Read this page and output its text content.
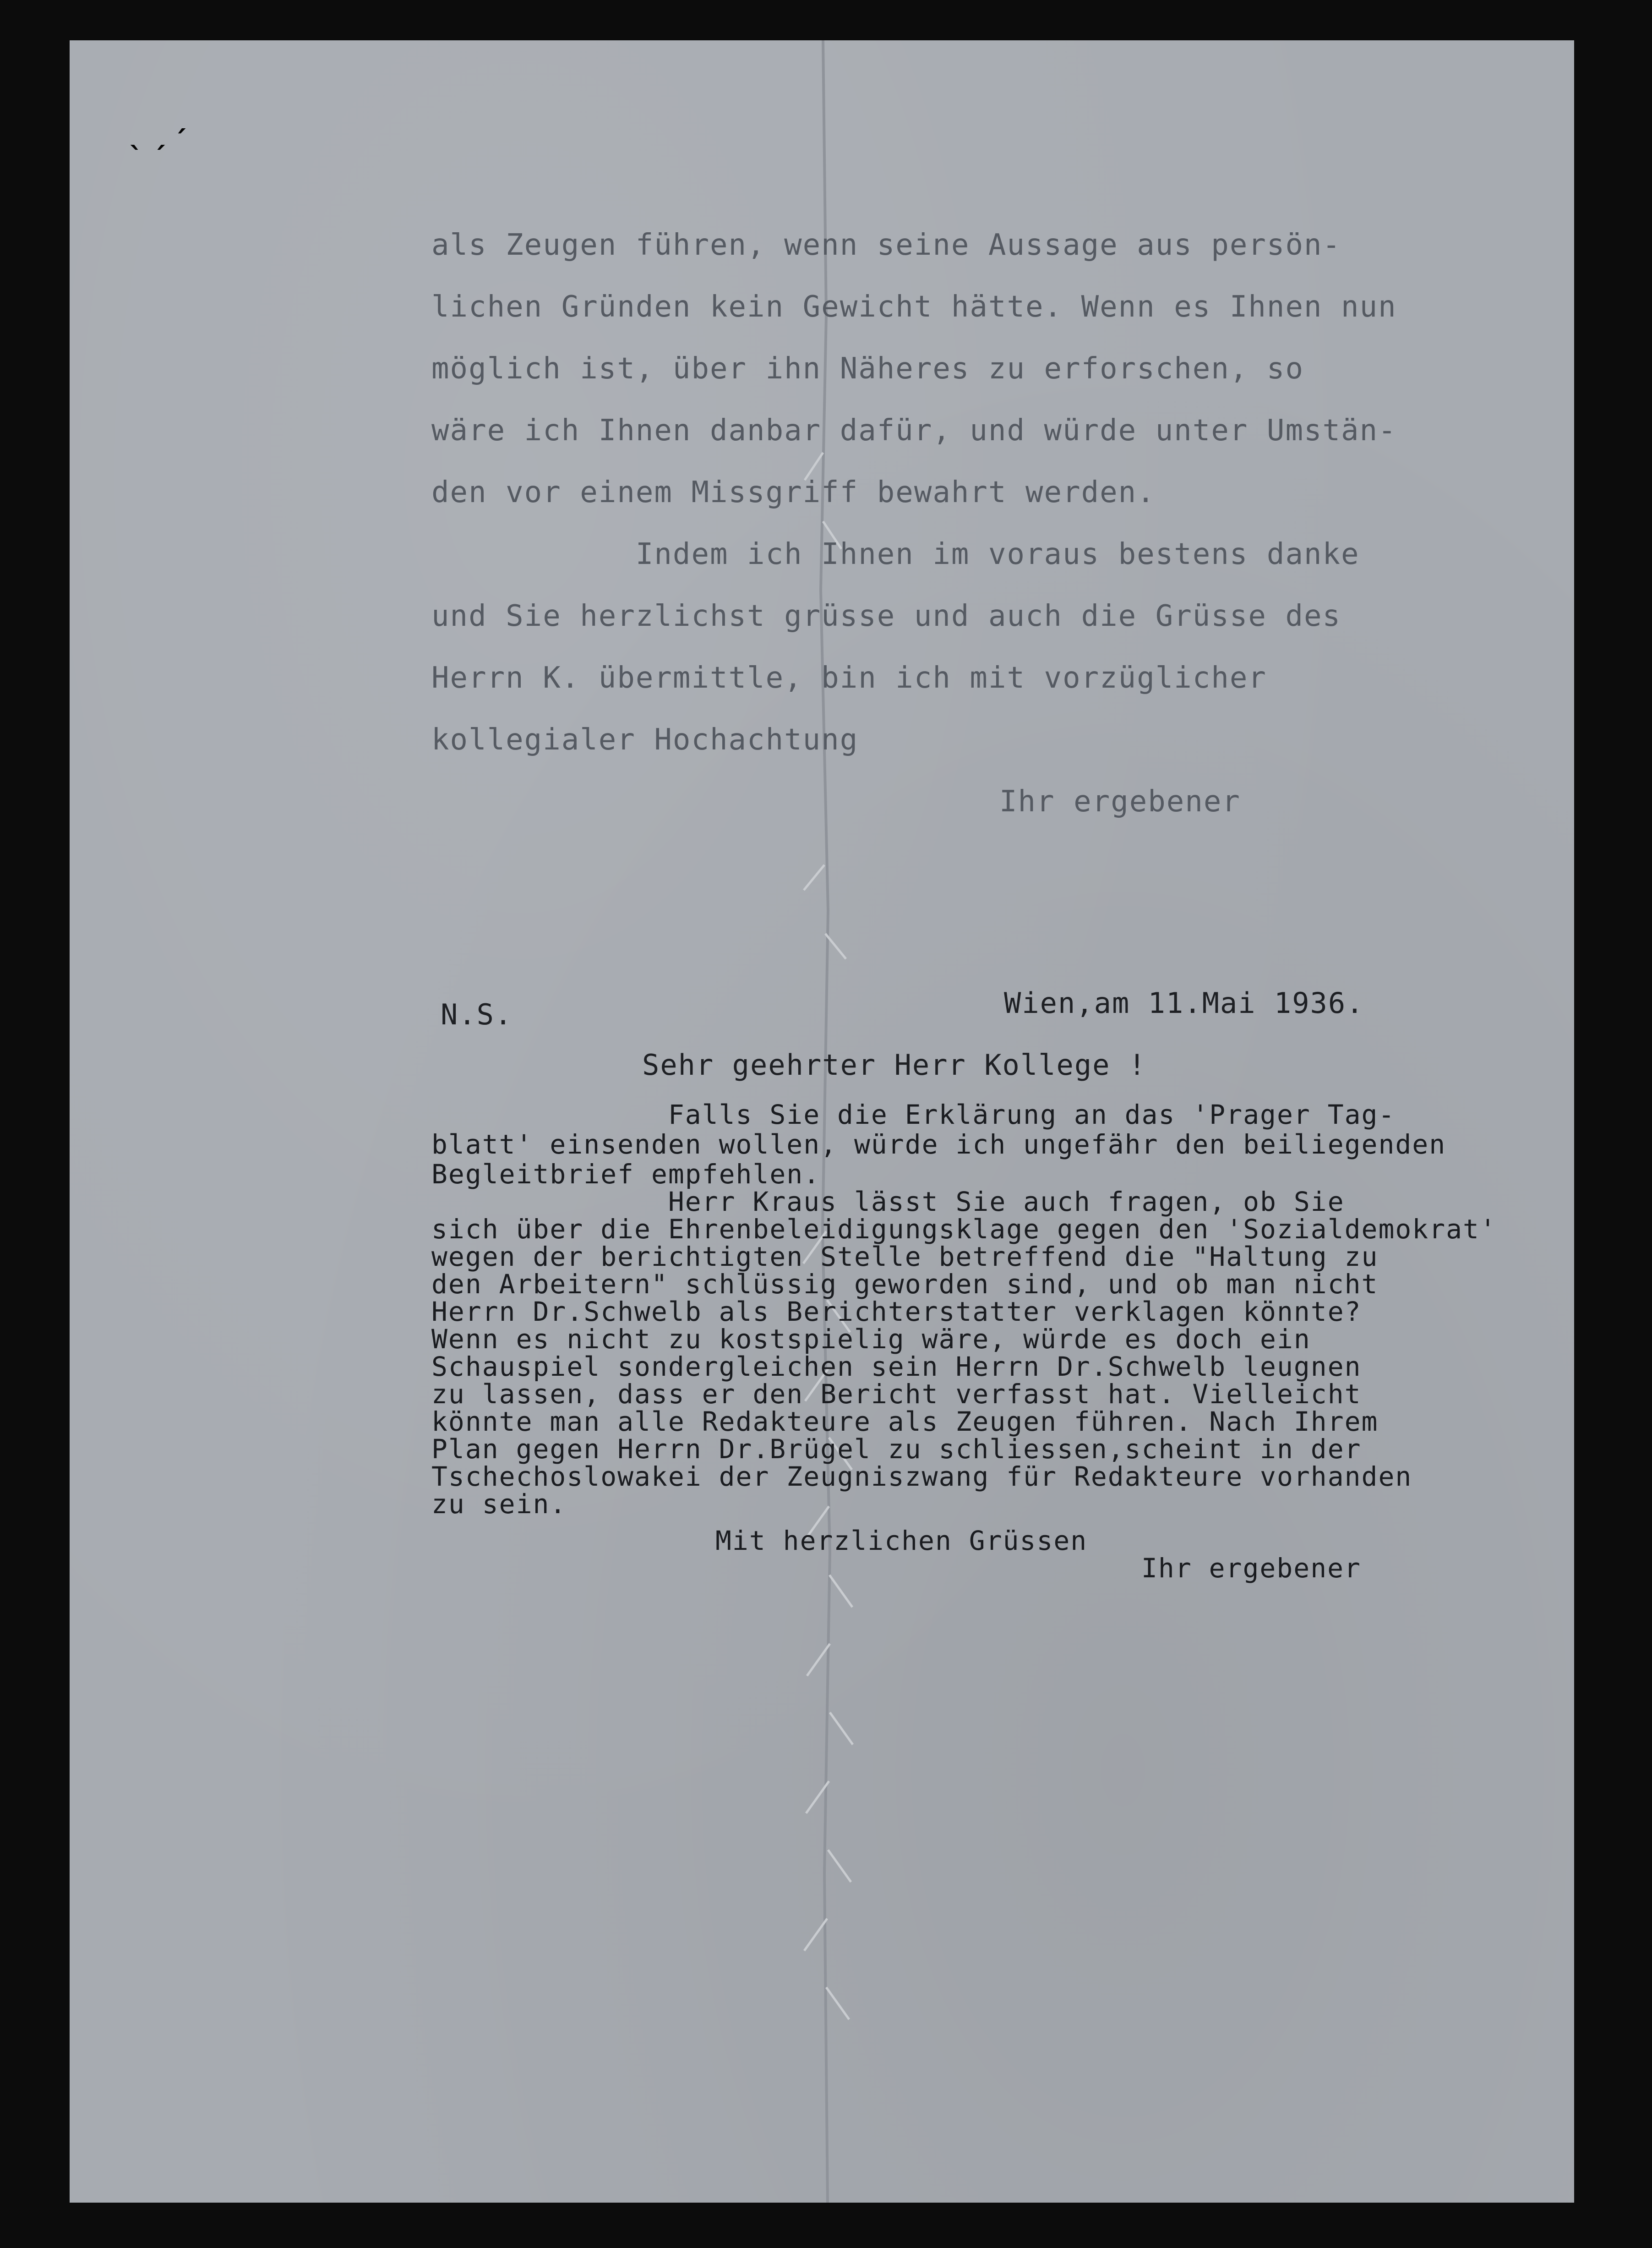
ˎ ˏ ׳

als Zeugen führen, wenn seine Aussage aus persön-

lichen Gründen kein Gewicht hätte. Wenn es Ihnen nun

möglich ist, über ihn Näheres zu erforschen, so

wäre ich Ihnen danbar dafür, und würde unter Umstän-

den vor einem Missgriff bewahrt werden.

Indem ich Ihnen im voraus bestens danke

und Sie herzlichst grüsse und auch die Grüsse des

Herrn K. übermittle, bin ich mit vorzüglicher

kollegialer Hochachtung

Ihr ergebener

N.S.	Wien,am 11.Mai 1936.

Sehr geehrter Herr Kollege !

Falls Sie die Erklärung an das 'Prager Tag-

blatt' einsenden wollen, würde ich ungefähr den beiliegenden

Begleitbrief empfehlen.

Herr Kraus lässt Sie auch fragen, ob Sie

sich über die Ehrenbeleidigungsklage gegen den 'Sozialdemokrat'

wegen der berichtigten Stelle betreffend die "Haltung zu

den Arbeitern" schlüssig geworden sind, und ob man nicht

Herrn Dr.Schwelb als Berichterstatter verklagen könnte?

Wenn es nicht zu kostspielig wäre, würde es doch ein

Schauspiel sondergleichen sein Herrn Dr.Schwelb leugnen

zu lassen, dass er den Bericht verfasst hat. Vielleicht

könnte man alle Redakteure als Zeugen führen. Nach Ihrem

Plan gegen Herrn Dr.Brügel zu schliessen,scheint in der

Tschechoslowakei der Zeugniszwang für Redakteure vorhanden

zu sein.

Mit herzlichen Grüssen

Ihr ergebener
